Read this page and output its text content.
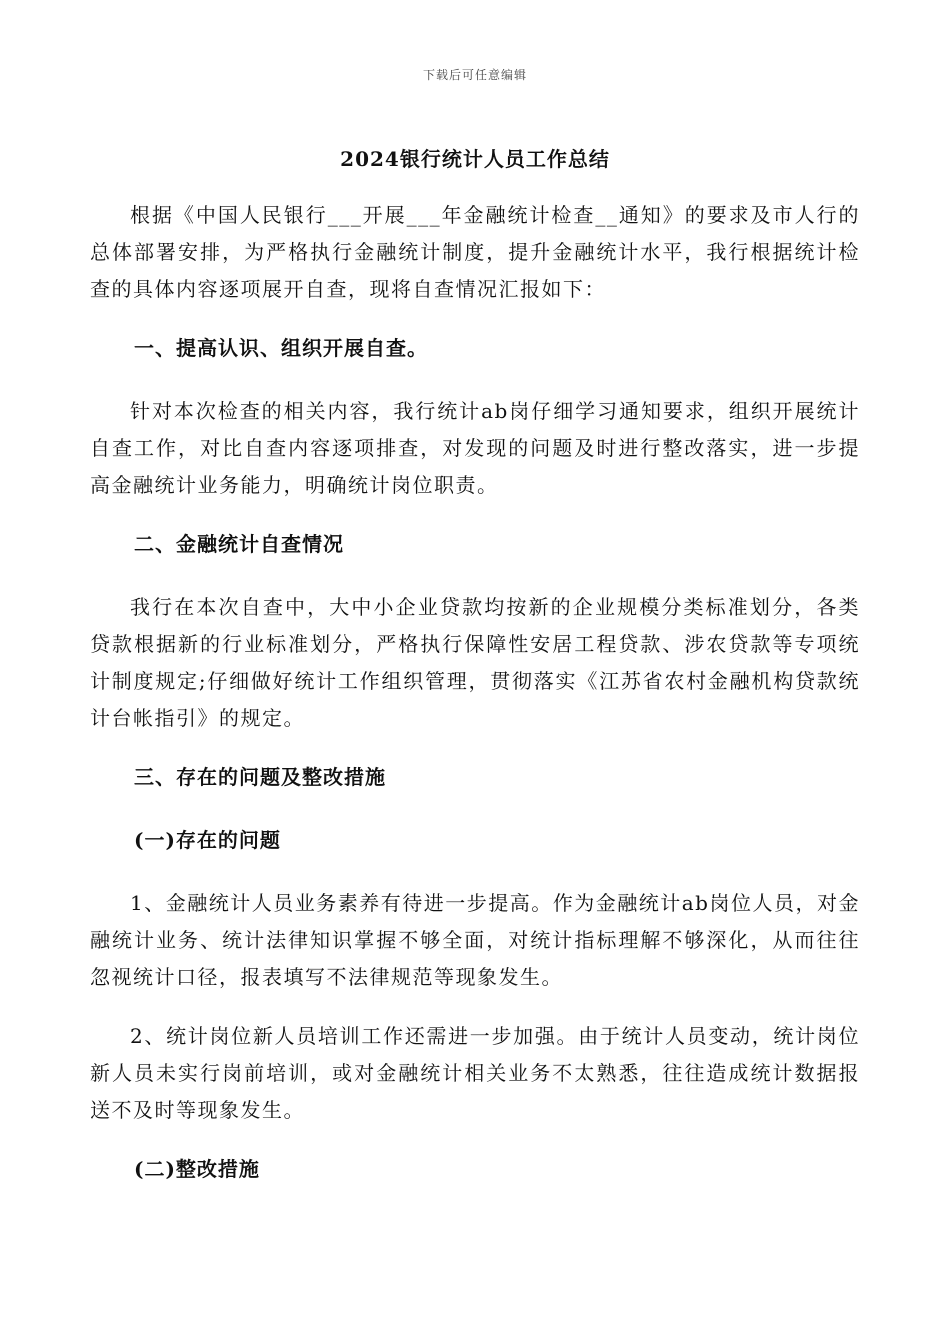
下载后可任意编辑
2024银行统计人员工作总结

根据《中国人民银行___开展___年金融统计检查__通知》的要求及市人行的总体部署安排，为严格执行金融统计制度，提升金融统计水平，我行根据统计检查的具体内容逐项展开自查，现将自查情况汇报如下：

一、提高认识、组织开展自查。

针对本次检查的相关内容，我行统计ab岗仔细学习通知要求，组织开展统计自查工作，对比自查内容逐项排查，对发现的问题及时进行整改落实，进一步提高金融统计业务能力，明确统计岗位职责。

二、金融统计自查情况

我行在本次自查中，大中小企业贷款均按新的企业规模分类标准划分，各类贷款根据新的行业标准划分，严格执行保障性安居工程贷款、涉农贷款等专项统计制度规定;仔细做好统计工作组织管理，贯彻落实《江苏省农村金融机构贷款统计台帐指引》的规定。

三、存在的问题及整改措施
(一)存在的问题

1、金融统计人员业务素养有待进一步提高。作为金融统计ab岗位人员，对金融统计业务、统计法律知识掌握不够全面，对统计指标理解不够深化，从而往往忽视统计口径，报表填写不法律规范等现象发生。

2、统计岗位新人员培训工作还需进一步加强。由于统计人员变动，统计岗位新人员未实行岗前培训，或对金融统计相关业务不太熟悉，往往造成统计数据报送不及时等现象发生。

(二)整改措施
